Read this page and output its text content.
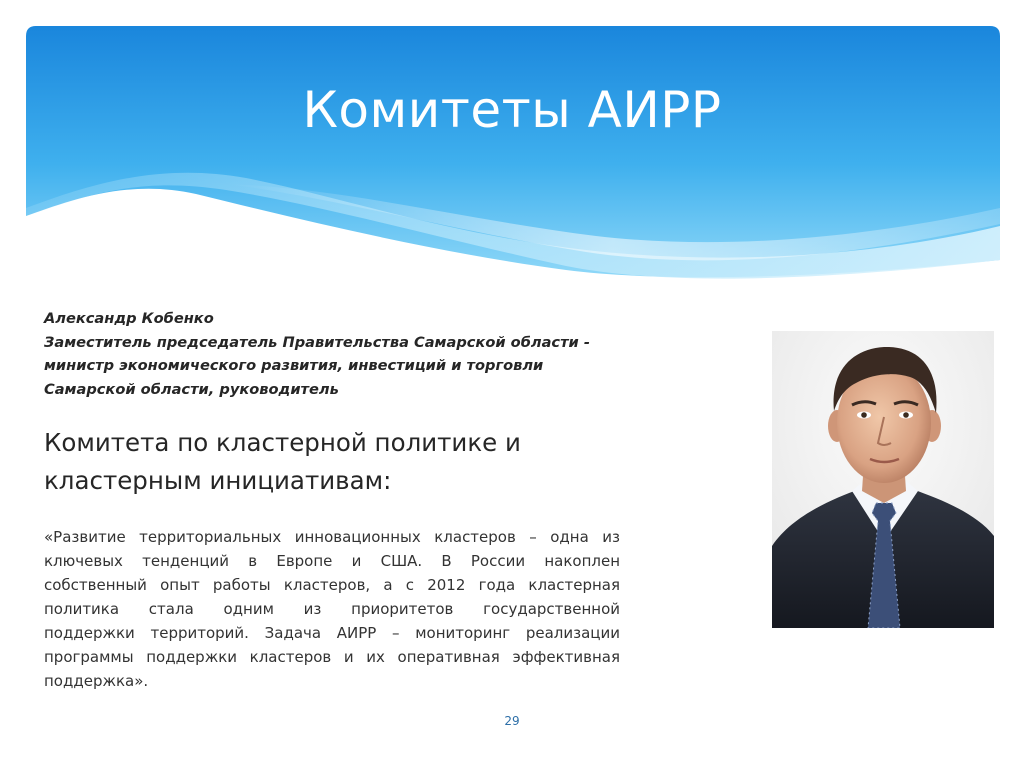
Комитеты АИРР
Александр Кобенко
Заместитель председатель Правительства Самарской области -
министр экономического развития, инвестиций и торговли
Самарской области, руководитель
Комитета по кластерной политике и
кластерным инициативам:
«Развитие территориальных инновационных кластеров – одна из
ключевых тенденций в Европе и США. В России накоплен
собственный опыт работы кластеров, а с 2012 года кластерная
политика стала одним из приоритетов государственной
поддержки территорий. Задача АИРР – мониторинг реализации
программы поддержки кластеров и их оперативная эффективная
поддержка».
29
